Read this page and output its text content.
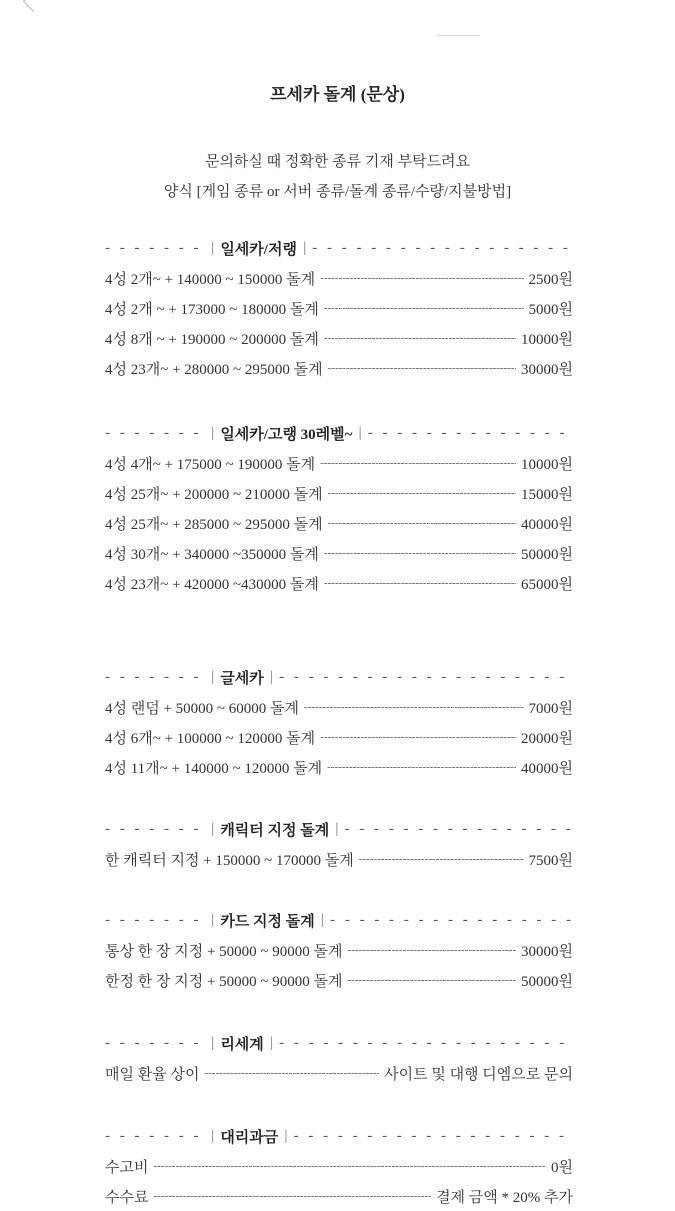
프세카 돌계 (문상)
문의하실 때 정확한 종류 기재 부탁드려요
양식 [게임 종류 or 서버 종류/돌계 종류/수량/지불방법]
- - -
| 일세카/저랭 |
- - -
4성 2개~ + 140000 ~ 150000 돌계 -----	2500원
4성 2개 ~ + 173000 ~ 180000 돌계 -----	5000원
4성 8개 ~ + 190000 ~ 200000 돌계 -----	10000원
4성 23개~ + 280000 ~ 295000 돌계 -----	30000원
- - -
| 일세카/고랭 30레벨~ |
- - -
4성 4개~ + 175000 ~ 190000 돌계 -----	10000원
4성 25개~ + 200000 ~ 210000 돌계 -----	15000원
4성 25개~ + 285000 ~ 295000 돌계 -----	40000원
4성 30개~ + 340000 ~350000 돌계 -----	50000원
4성 23개~ + 420000 ~430000 돌계 -----	65000원
- - -
| 글세카 |
- - -
4성 랜덤 + 50000 ~ 60000 돌계 -----	7000원
4성 6개~ + 100000 ~ 120000 돌계 -----	20000원
4성 11개~ + 140000 ~ 120000 돌계 -----	40000원
- - -
| 캐릭터 지정 돌계 |
- - -
한 캐릭터 지정 + 150000 ~ 170000 돌계 -----	7500원
- - -
| 카드 지정 돌계 |
- - -
통상 한 장 지정 + 50000 ~ 90000 돌계 -----	30000원
한정 한 장 지정 + 50000 ~ 90000 돌계 -----	50000원
- - -
| 리세계 |
- - -
매일 환율 상이 -----	사이트 및 대행 디엠으로 문의
- - -
| 대리과금 |
- - -
수고비 -----	0원
수수료 -----	결제 금액 * 20% 추가
